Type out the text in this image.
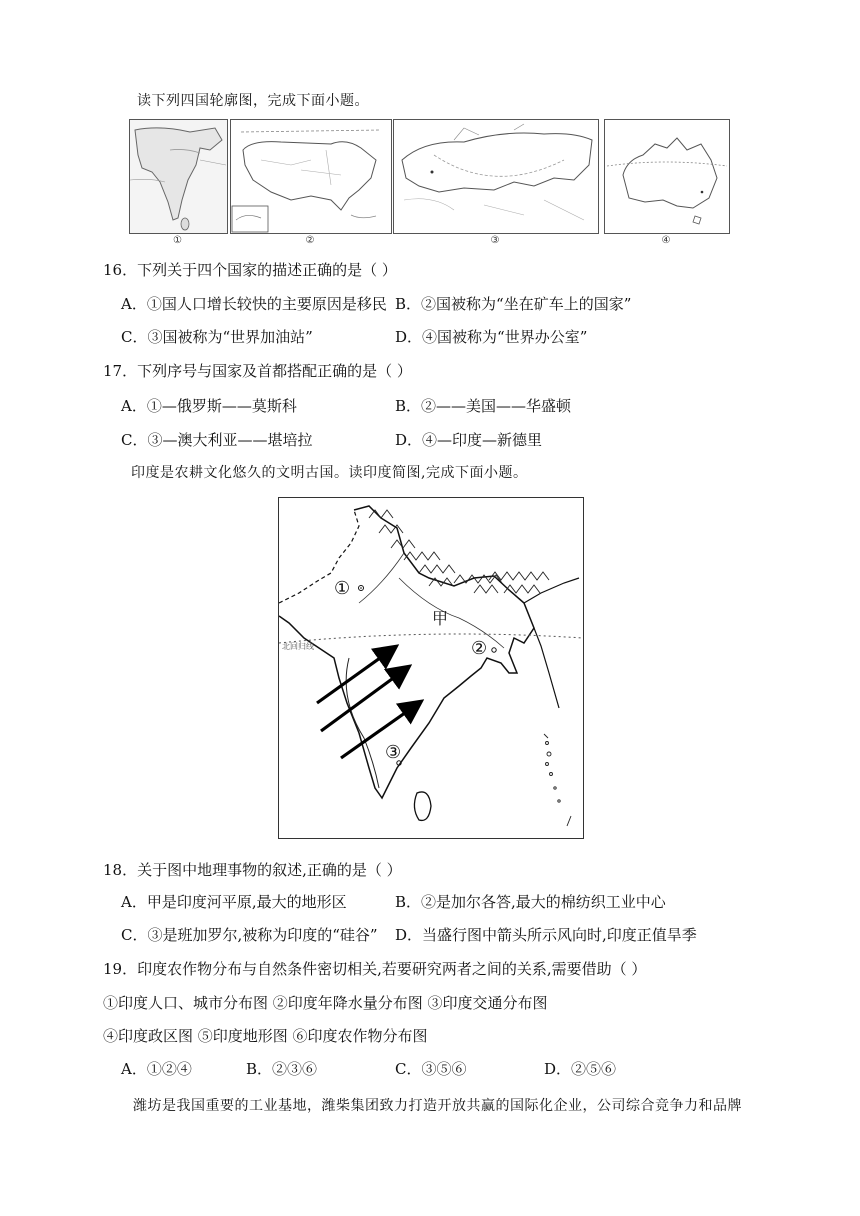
读下列四国轮廓图，完成下面小题。
①	②	③	④
16．下列关于四个国家的描述正确的是（ ）
A．①国人口增长较快的主要原因是移民 B．②国被称为“坐在矿车上的国家”
C．③国被称为“世界加油站”	D．④国被称为“世界办公室”
17．下列序号与国家及首都搭配正确的是（ ）
A．①—俄罗斯——莫斯科	B．②——美国——华盛顿
C．③—澳大利亚——堪培拉	D．④—印度—新德里
印度是农耕文化悠久的文明古国。读印度简图,完成下面小题。
①
甲
②
③
北回归线
18．关于图中地理事物的叙述,正确的是（ ）
A．甲是印度河平原,最大的地形区	B．②是加尔各答,最大的棉纺织工业中心
C．③是班加罗尔,被称为印度的“硅谷” D．当盛行图中箭头所示风向时,印度正值旱季
19．印度农作物分布与自然条件密切相关,若要研究两者之间的关系,需要借助（ ）
①印度人口、城市分布图 ②印度年降水量分布图 ③印度交通分布图
④印度政区图 ⑤印度地形图 ⑥印度农作物分布图
A．①②④	B．②③⑥	C．③⑤⑥	D．②⑤⑥
潍坊是我国重要的工业基地，潍柴集团致力打造开放共赢的国际化企业，公司综合竞争力和品牌
